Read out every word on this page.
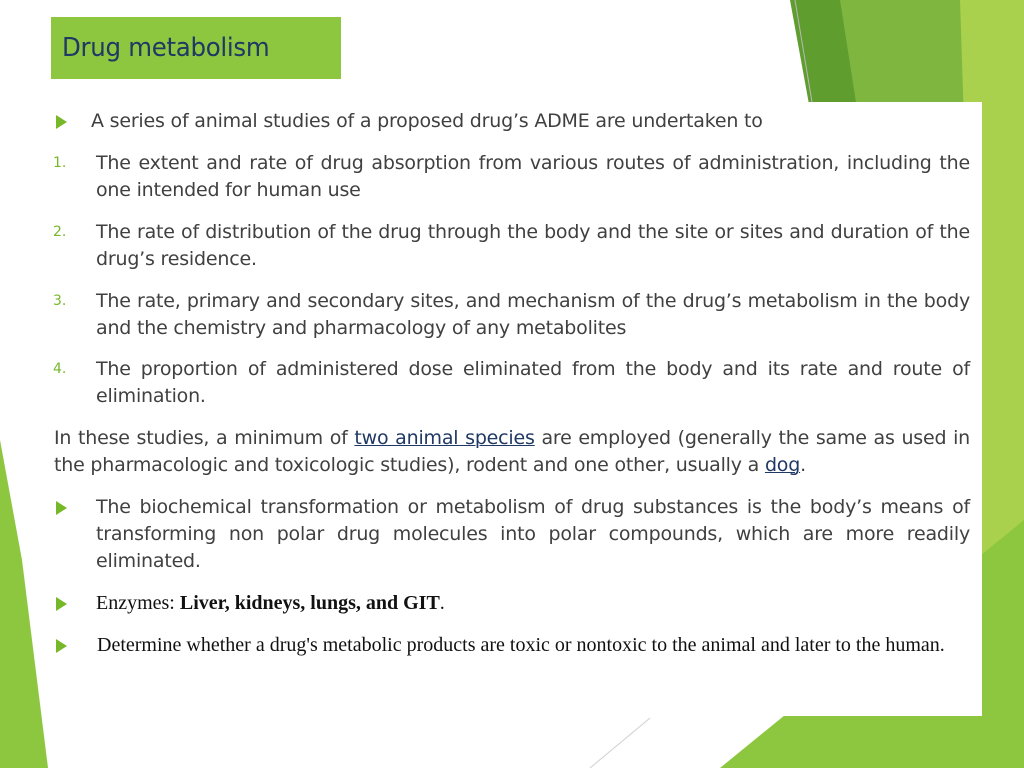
Drug metabolism
A series of animal studies of a proposed drug’s ADME are undertaken to
1. The extent and rate of drug absorption from various routes of administration, including the one intended for human use
2. The rate of distribution of the drug through the body and the site or sites and duration of the drug’s residence.
3. The rate, primary and secondary sites, and mechanism of the drug’s metabolism in the body and the chemistry and pharmacology of any metabolites
4. The proportion of administered dose eliminated from the body and its rate and route of elimination.
In these studies, a minimum of two animal species are employed (generally the same as used in the pharmacologic and toxicologic studies), rodent and one other, usually a dog.
The biochemical transformation or metabolism of drug substances is the body’s means of transforming non polar drug molecules into polar compounds, which are more readily eliminated.
Enzymes: Liver, kidneys, lungs, and GIT.
Determine whether a drug's metabolic products are toxic or nontoxic to the animal and later to the human.
